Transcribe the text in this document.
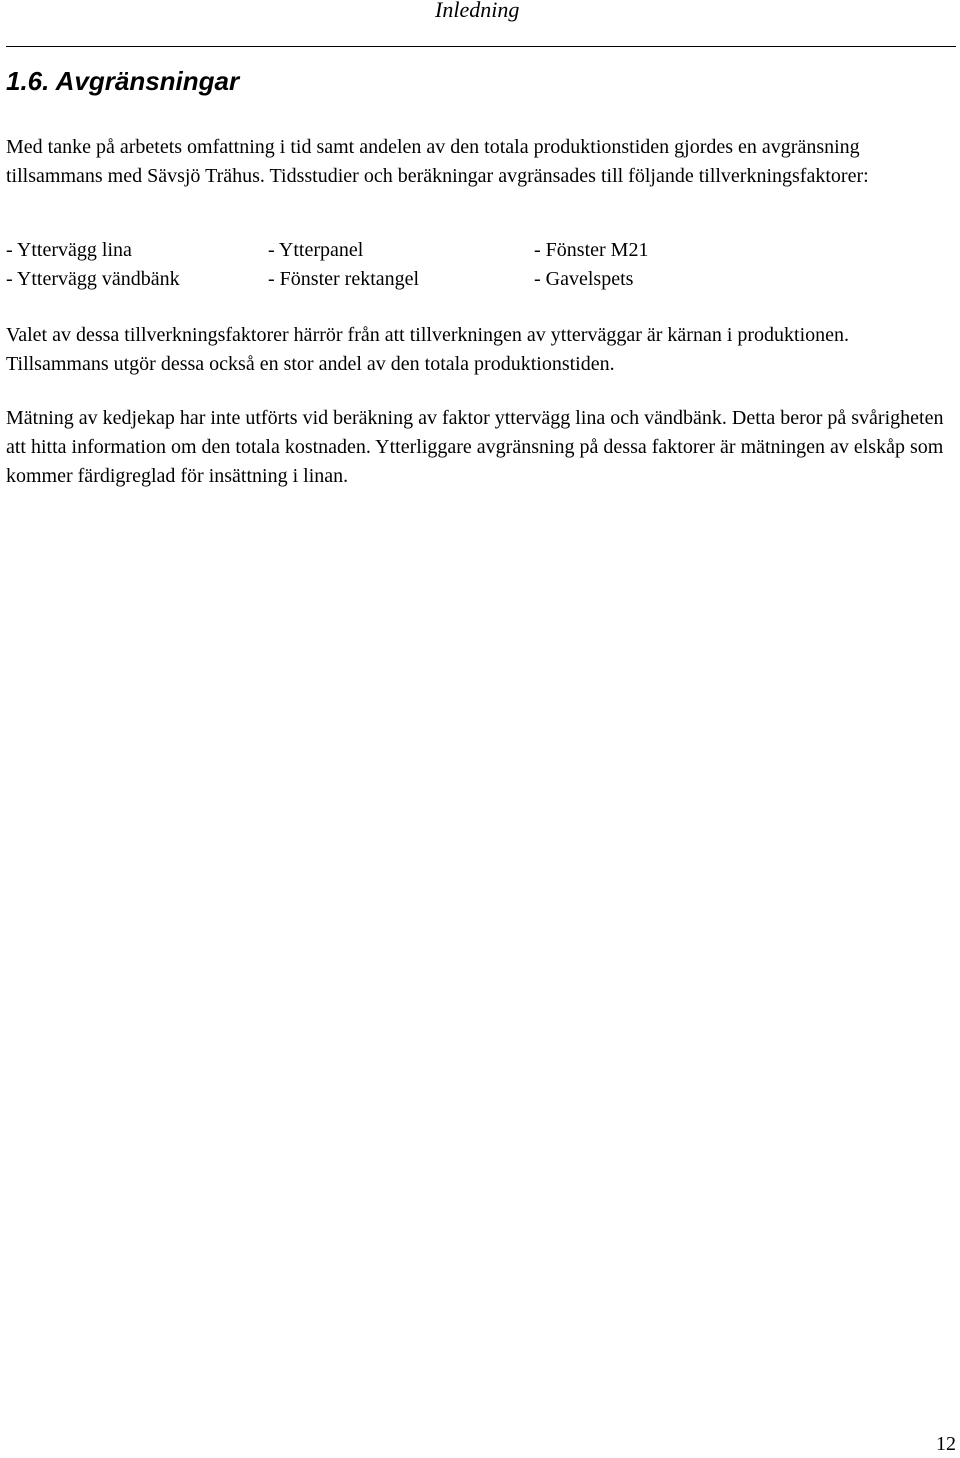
Inledning
1.6. Avgränsningar

Med tanke på arbetets omfattning i tid samt andelen av den totala produktionstiden gjordes en avgränsning tillsammans med Sävsjö Trähus. Tidsstudier och beräkningar avgränsades till följande tillverkningsfaktorer:

- Yttervägg lina	- Ytterpanel	- Fönster M21
- Yttervägg vändbänk	- Fönster rektangel	- Gavelspets

Valet av dessa tillverkningsfaktorer härrör från att tillverkningen av ytterväggar är kärnan i produktionen. Tillsammans utgör dessa också en stor andel av den totala produktionstiden.

Mätning av kedjekap har inte utförts vid beräkning av faktor yttervägg lina och vändbänk. Detta beror på svårigheten att hitta information om den totala kostnaden. Ytterliggare avgränsning på dessa faktorer är mätningen av elskåp som kommer färdigreglad för insättning i linan.

12
